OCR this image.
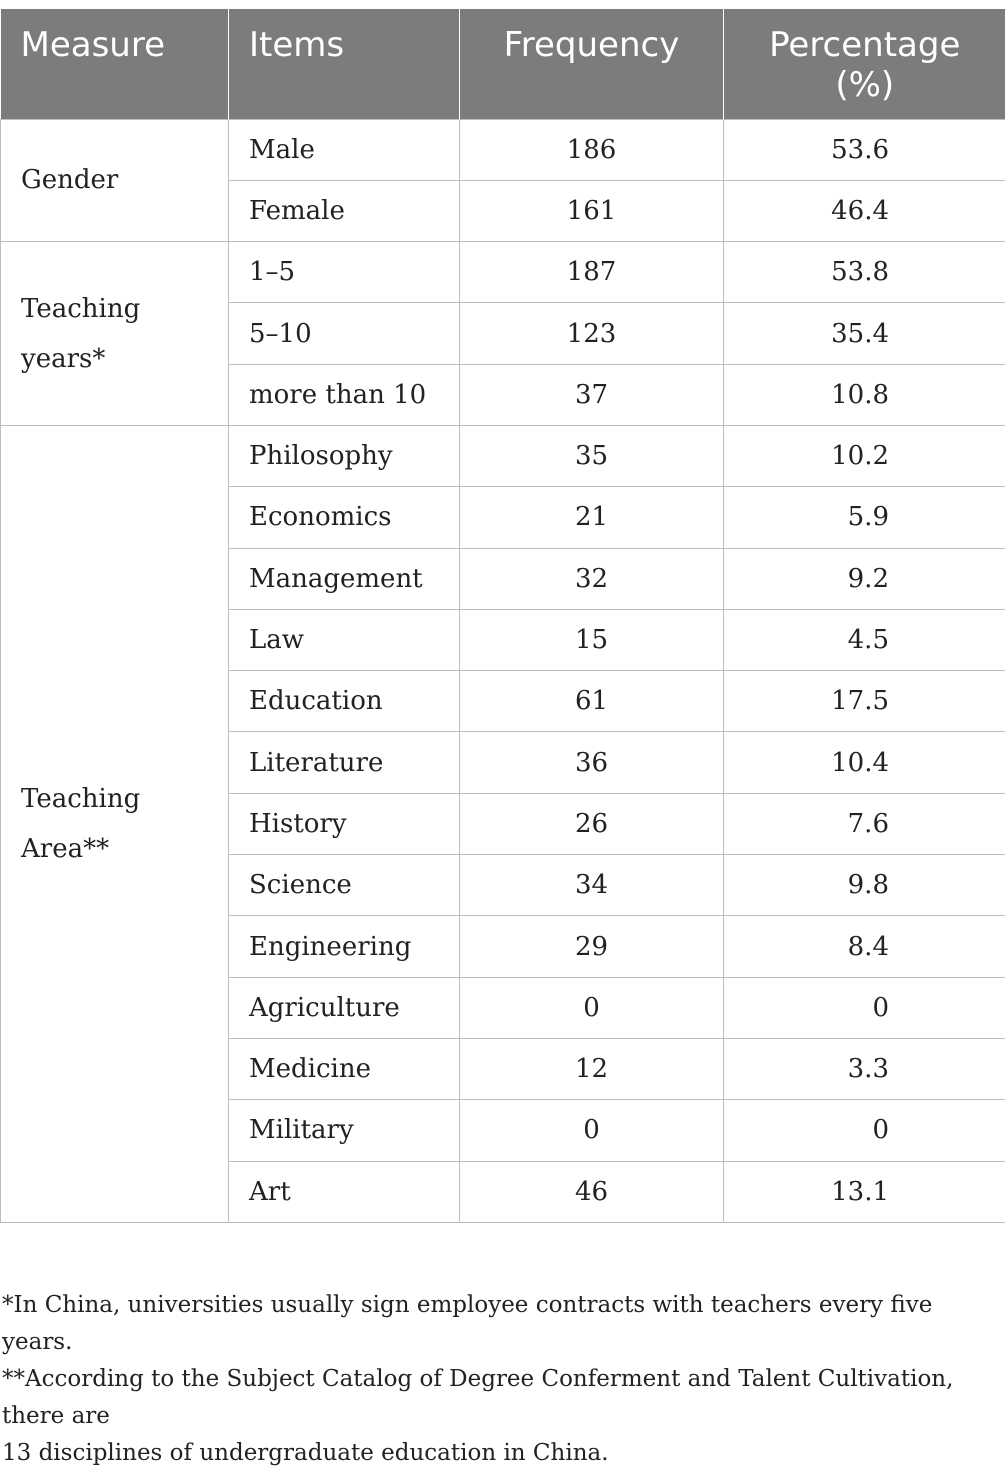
Measure	Items	Frequency	Percentage
(%)

Gender	Male	186	53.6
	Female	161	46.4
Teaching years*	1–5	187	53.8
	5–10	123	35.4
	more than 10	37	10.8
Teaching
Area**	Philosophy	35	10.2
	Economics	21	5.9
	Management	32	9.2
	Law	15	4.5
	Education	61	17.5
	Literature	36	10.4
	History	26	7.6
	Science	34	9.8
	Engineering	29	8.4
	Agriculture	0	0
	Medicine	12	3.3
	Military	0	0
	Art	46	13.1

*In China, universities usually sign employee contracts with teachers every five years.

**According to the Subject Catalog of Degree Conferment and Talent Cultivation, there are
13 disciplines of undergraduate education in China.
